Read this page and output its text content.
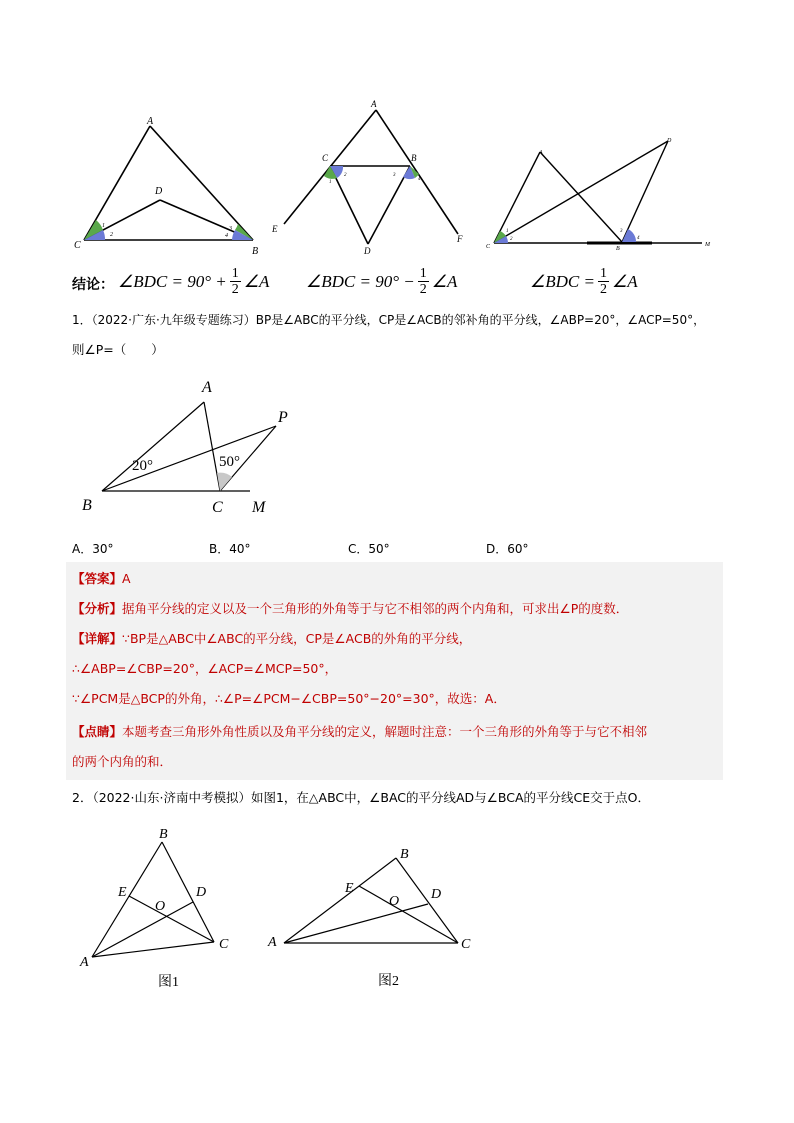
A
D
C
B
1
2
3
4
A
C	B
E
D
F
1
2	3
4
A
D
C	B
M
1
2
3
4
结论： ∠BDC = $90^\circ + \frac{1}{2}$ ∠A ∠BDC = $90^\circ - \frac{1}{2}$ ∠A	∠BDC = $\frac{1}{2}$ ∠A
1．（2022·广东·九年级专题练习）BP是∠ABC的平分线，CP是∠ACB的邻补角的平分线，∠ABP=20°，∠ACP=50°，
则∠P=（　　）
A
P
B	C M
20°	50°
A．30°	B．40°	C．50°	D．60°
【答案】A
【分析】据角平分线的定义以及一个三角形的外角等于与它不相邻的两个内角和，可求出∠P的度数．
【详解】∵BP是△ABC中∠ABC的平分线，CP是∠ACB的外角的平分线，
∴∠ABP=∠CBP=20°，∠ACP=∠MCP=50°，
∵∠PCM是△BCP的外角，∴∠P=∠PCM−∠CBP=50°−20°=30°，故选：A．
【点睛】本题考查三角形外角性质以及角平分线的定义，解题时注意：一个三角形的外角等于与它不相邻
的两个内角的和．
2．（2022·山东·济南中考模拟）如图1，在△ABC中，∠BAC的平分线AD与∠BCA的平分线CE交于点O．
B
E	D
O
A
C
图1
B
E	D
O
A	C
图2
